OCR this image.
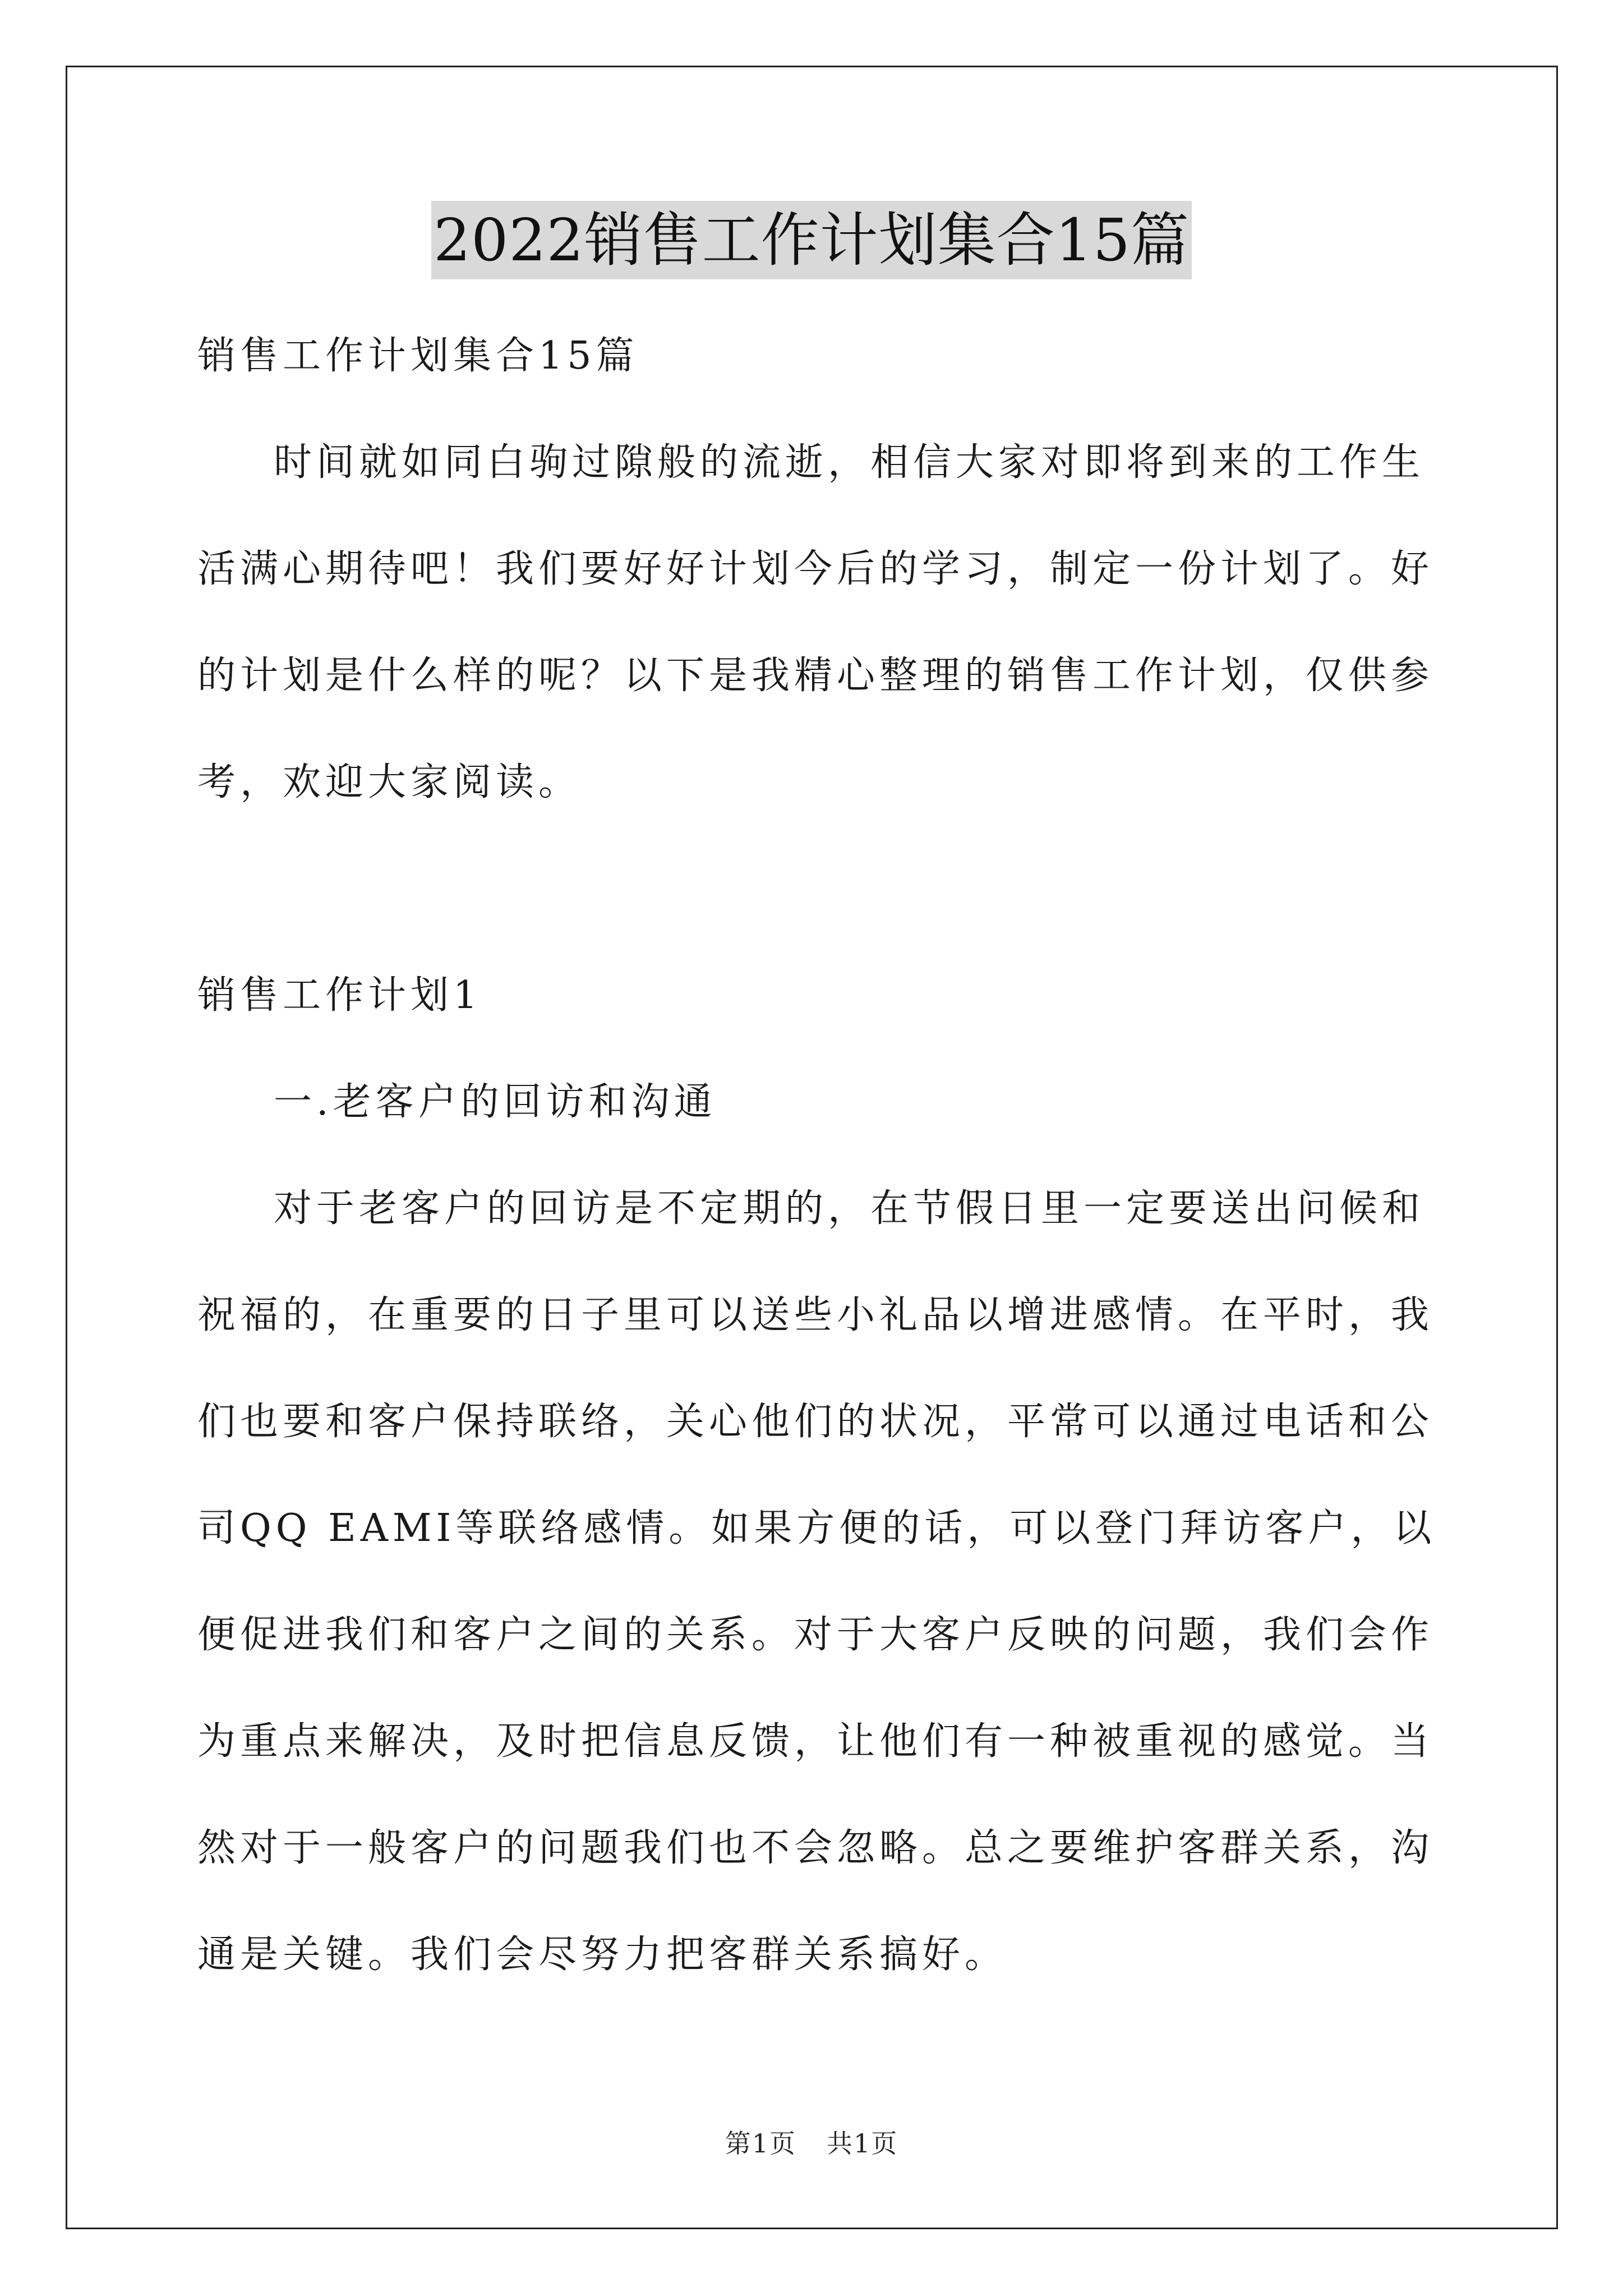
2022销售工作计划集合15篇

销售工作计划集合15篇

时间就如同白驹过隙般的流逝，相信大家对即将到来的工作生活满心期待吧！我们要好好计划今后的学习，制定一份计划了。好的计划是什么样的呢？以下是我精心整理的销售工作计划，仅供参考，欢迎大家阅读。

销售工作计划1

一.老客户的回访和沟通

对于老客户的回访是不定期的，在节假日里一定要送出问候和祝福的，在重要的日子里可以送些小礼品以增进感情。在平时，我们也要和客户保持联络，关心他们的状况，平常可以通过电话和公司QQ EAMI等联络感情。如果方便的话，可以登门拜访客户，以便促进我们和客户之间的关系。对于大客户反映的问题，我们会作为重点来解决，及时把信息反馈，让他们有一种被重视的感觉。当然对于一般客户的问题我们也不会忽略。总之要维护客群关系，沟通是关键。我们会尽努力把客群关系搞好。

第1页 共1页
